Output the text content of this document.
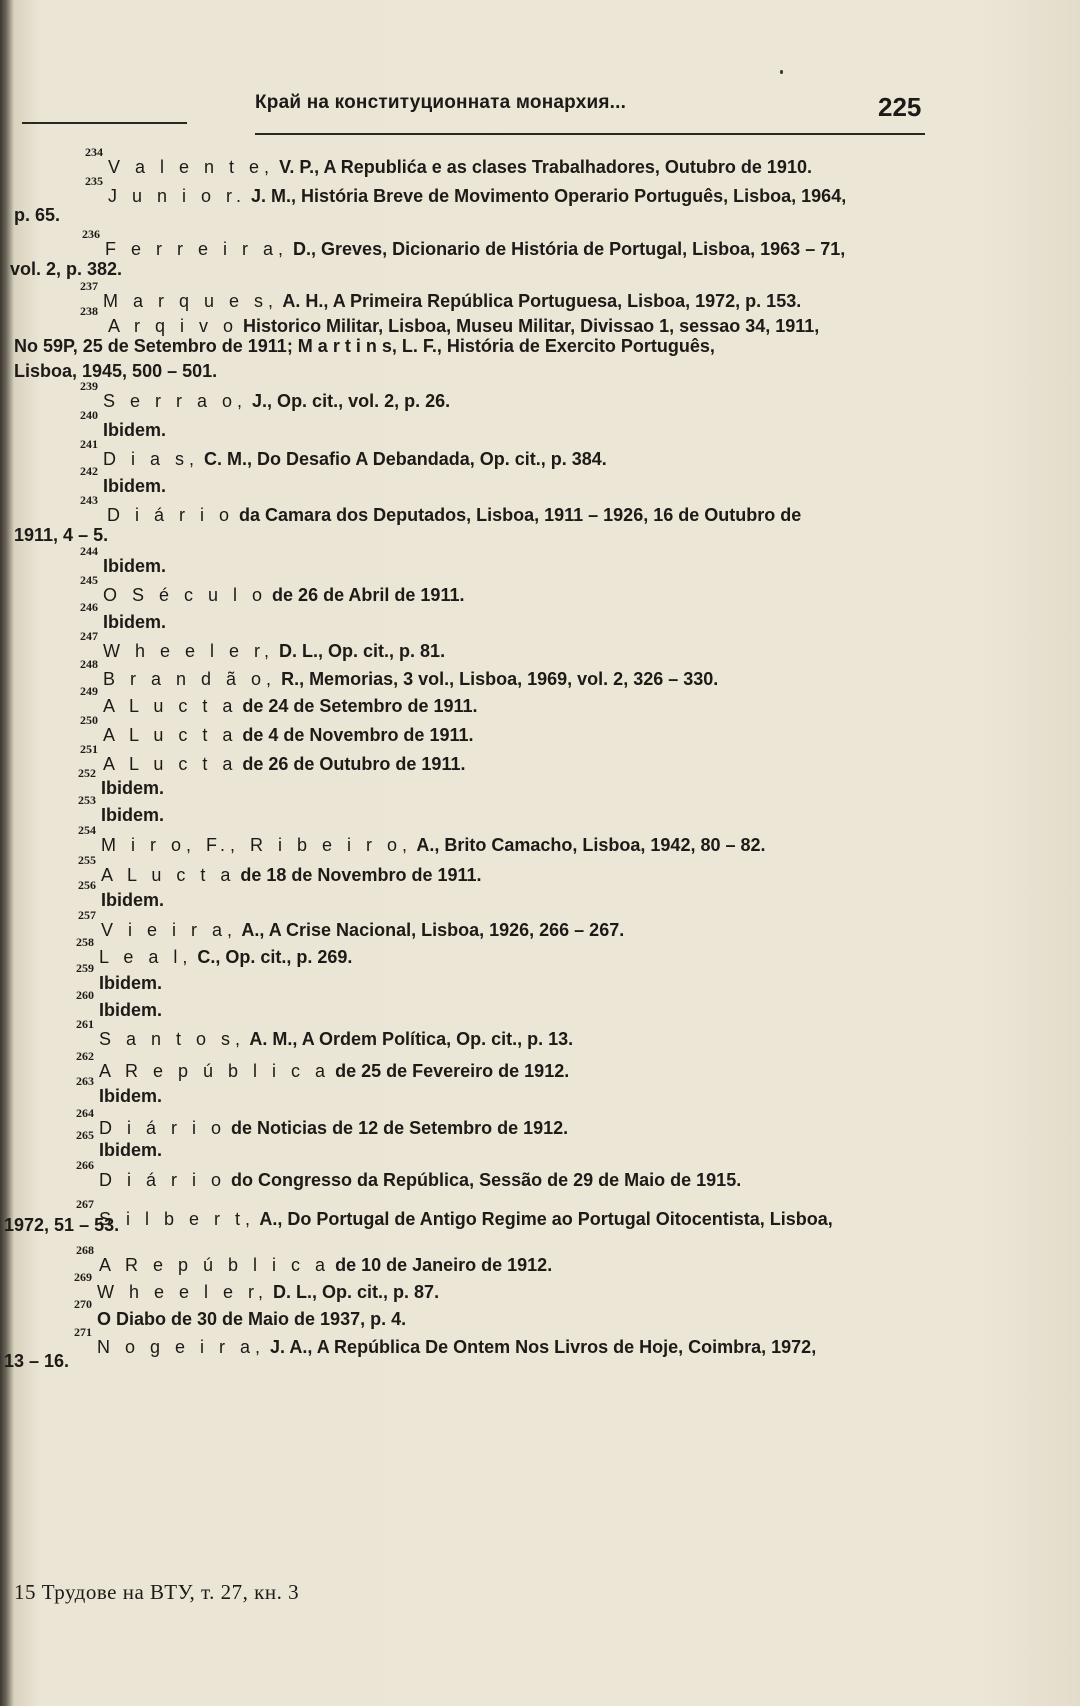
Край на конституционната монархия...	225
234
V a l e n t e, V. P., A Republića e as clases Trabalhadores, Outubro de 1910.
235
J u n i o r. J. M., História Breve de Movimento Operario Português, Lisboa, 1964,
p. 65.
236
F e r r e i r a, D., Greves, Dicionario de História de Portugal, Lisboa, 1963 – 71,
vol. 2, p. 382.
237
M a r q u e s, A. H., A Primeira República Portuguesa, Lisboa, 1972, p. 153.
238
A r q i v o Historico Militar, Lisboa, Museu Militar, Divissao 1, sessao 34, 1911,
No 59P, 25 de Setembro de 1911; M a r t i n s, L. F., História de Exercito Português,
Lisboa, 1945, 500 – 501.
239
S e r r a o, J., Op. cit., vol. 2, p. 26.
240
Ibidem.
241
D i a s, C. M., Do Desafio A Debandada, Op. cit., p. 384.
242
Ibidem.
243
D i á r i o da Camara dos Deputados, Lisboa, 1911 – 1926, 16 de Outubro de
1911, 4 – 5.
244
Ibidem.
245
O S é c u l o de 26 de Abril de 1911.
246
Ibidem.
247
W h e e l e r, D. L., Op. cit., p. 81.
248
B r a n d ã o, R., Memorias, 3 vol., Lisboa, 1969, vol. 2, 326 – 330.
249
A L u c t a de 24 de Setembro de 1911.
250
A L u c t a de 4 de Novembro de 1911.
251
A L u c t a de 26 de Outubro de 1911.
252
Ibidem.
253
Ibidem.
254
M i r o, F., R i b e i r o, A., Brito Camacho, Lisboa, 1942, 80 – 82.
255
A L u c t a de 18 de Novembro de 1911.
256
Ibidem.
257
V i e i r a, A., A Crise Nacional, Lisboa, 1926, 266 – 267.
258
L e a l, C., Op. cit., p. 269.
259
Ibidem.
260
Ibidem.
261
S a n t o s, A. M., A Ordem Política, Op. cit., p. 13.
262
A R e p ú b l i c a de 25 de Fevereiro de 1912.
263
Ibidem.
264
D i á r i o de Noticias de 12 de Setembro de 1912.
265
Ibidem.
266
D i á r i o do Congresso da República, Sessão de 29 de Maio de 1915.
267
S i l b e r t, A., Do Portugal de Antigo Regime ao Portugal Oitocentista, Lisboa,
1972, 51 – 53.
268
A R e p ú b l i c a de 10 de Janeiro de 1912.
269
W h e e l e r, D. L., Op. cit., p. 87.
270
O Diabo de 30 de Maio de 1937, p. 4.
271
N o g e i r a, J. A., A República De Ontem Nos Livros de Hoje, Coimbra, 1972,
13 – 16.
15 Трудове на ВТУ, т. 27, кн. 3
